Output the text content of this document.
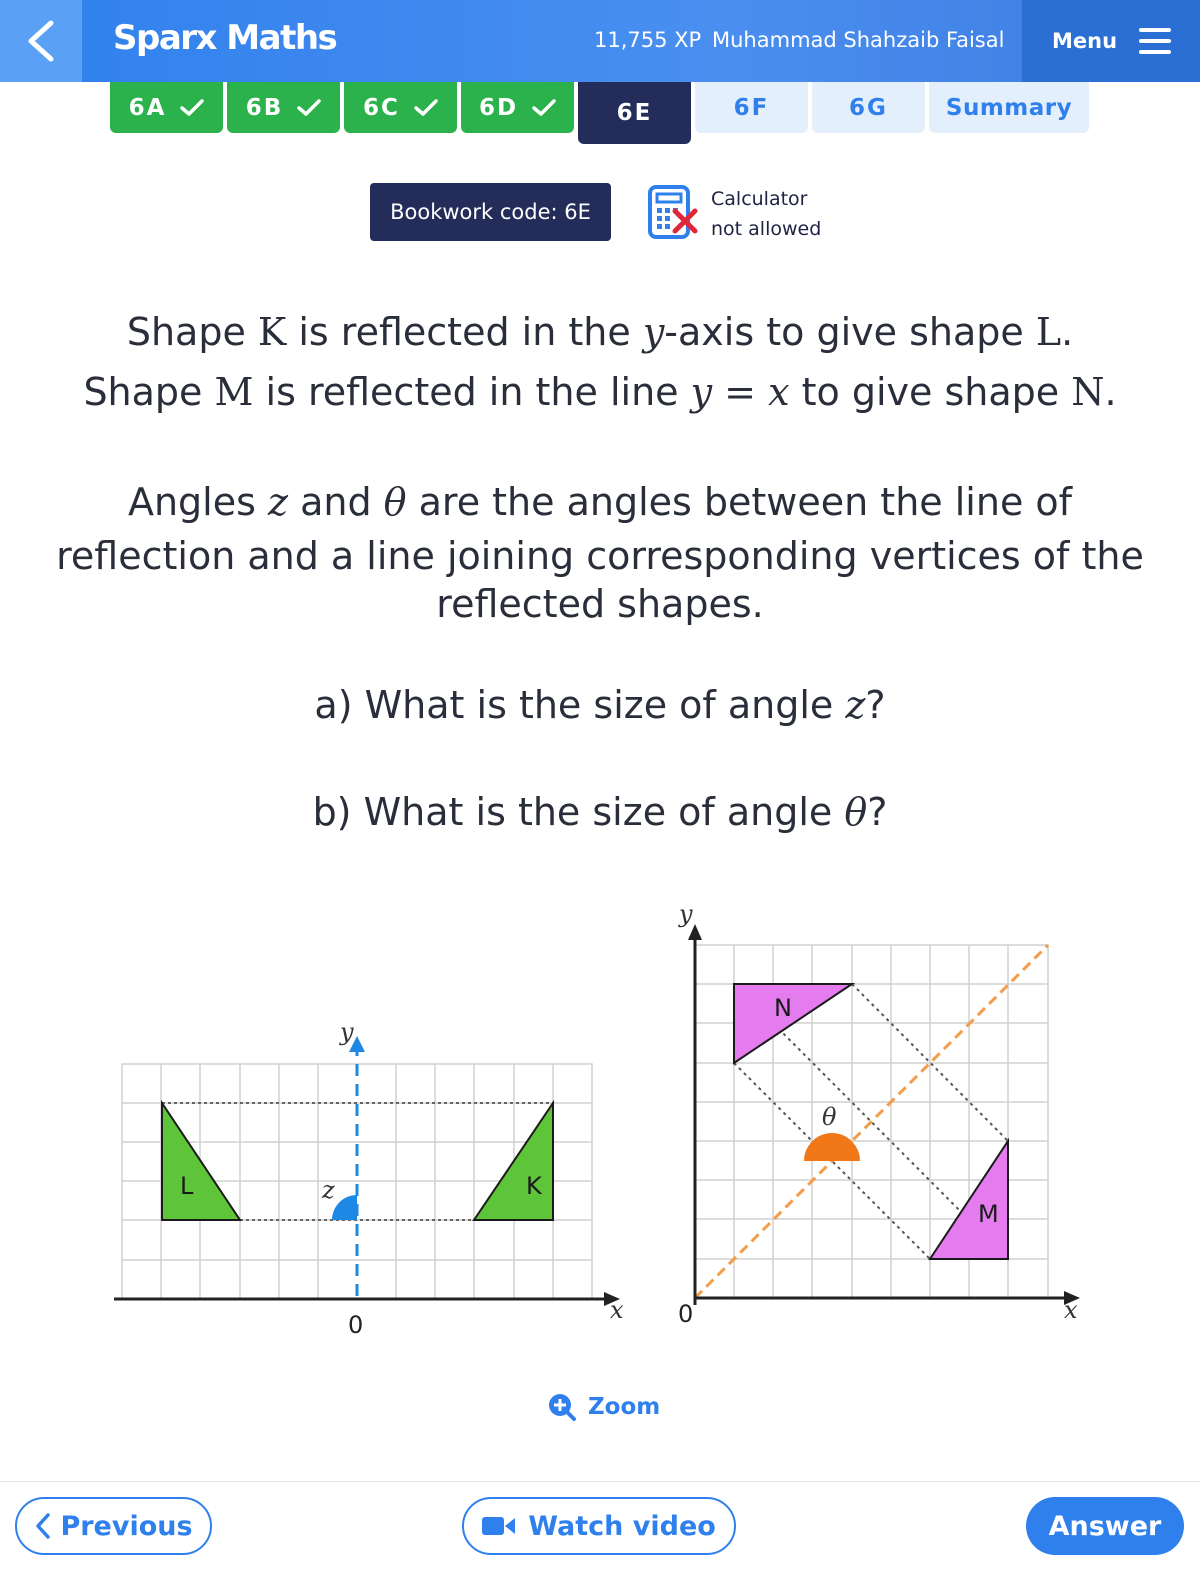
Sparx Maths	11,755 XP Muhammad Shahzaib Faisal Menu
6A	6B	6C	6D	6E	6F	6G	Summary
Bookwork code: 6E
Calculator
not allowed
Shape K is reflected in the y-axis to give shape L.
Shape M is reflected in the line y = x to give shape N.
Angles z and θ are the angles between the line of
reflection and a line joining corresponding vertices of the
reflected shapes.
a) What is the size of angle z?
b) What is the size of angle θ?
L	K
z
y
x
0
N
M
θ
y
x
0
Zoom
Previous	Watch video	Answer
